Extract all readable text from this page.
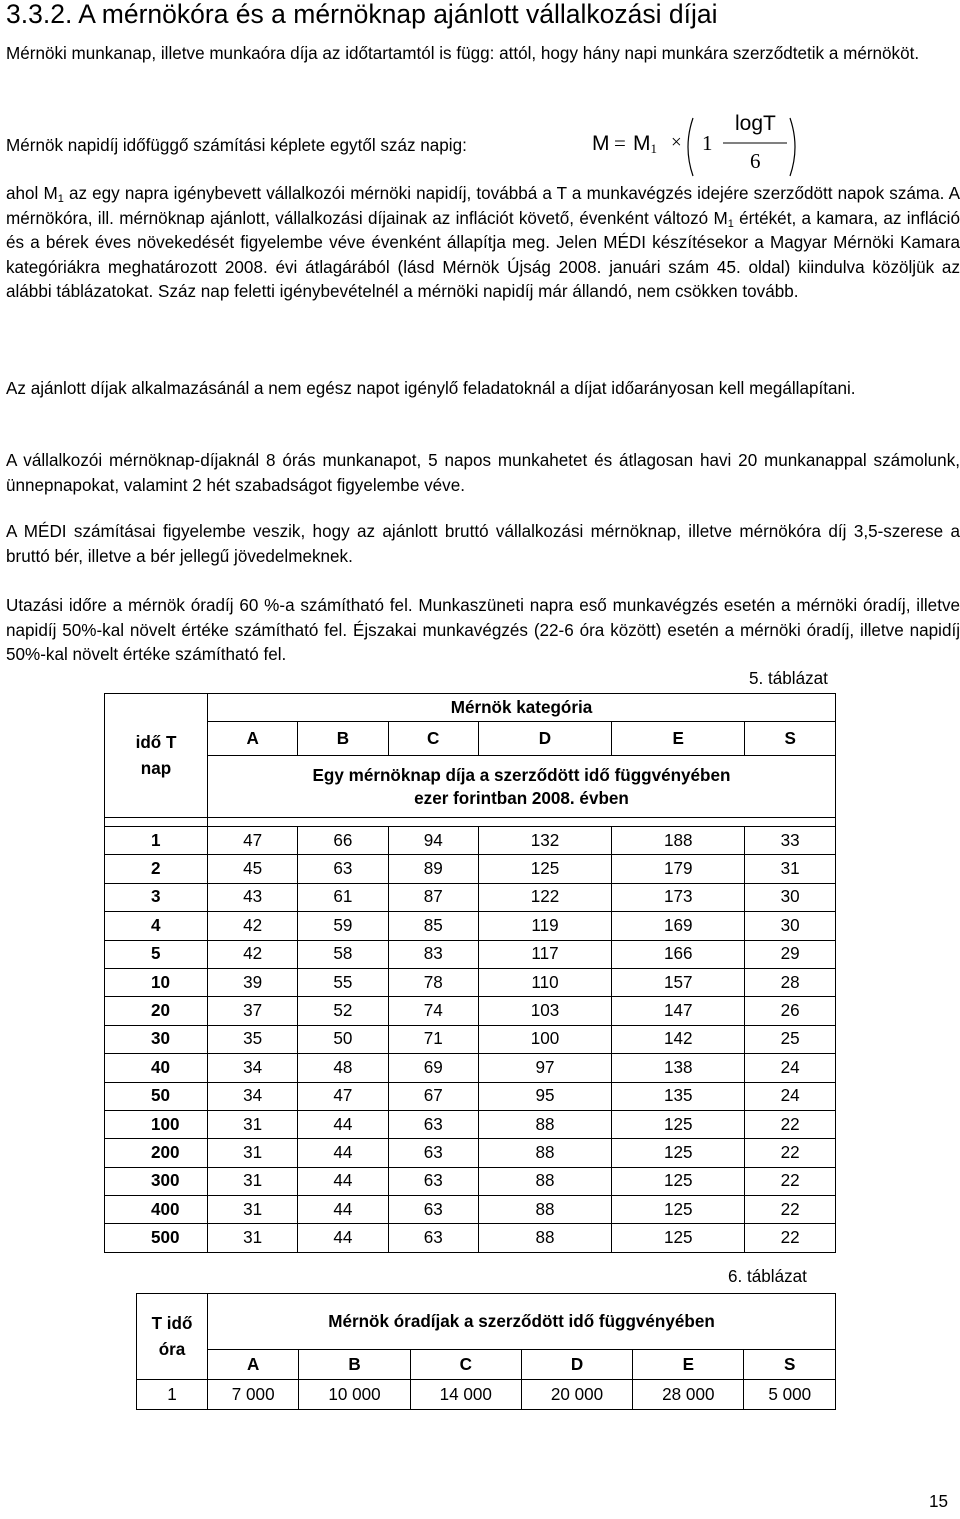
3.3.2. A mérnökóra és a mérnöknap ajánlott vállalkozási díjai

Mérnöki munkanap, illetve munkaóra díja az időtartamtól is függ: attól, hogy hány napi munkára szerződtetik a mérnököt.

Mérnök napidíj időfüggő számítási képlete egytől száz napig:	$M = M_1 \times 1$
logT
6

ahol $M_1$ az egy napra igénybevett vállalkozói mérnöki napidíj, továbbá a T a munkavégzés idejére szerződött napok száma. A mérnökóra, ill. mérnöknap ajánlott, vállalkozási díjainak az inflációt követő, évenként változó $M_1$ értékét, a kamara, az infláció és a bérek éves növekedését figyelembe véve évenként állapítja meg. Jelen MÉDI készítésekor a Magyar Mérnöki Kamara kategóriákra meghatározott 2008. évi átlagárából (lásd Mérnök Újság 2008. januári szám 45. oldal) kiindulva közöljük az alábbi táblázatokat. Száz nap feletti igénybevételnél a mérnöki napidíj már állandó, nem csökken tovább.

Az ajánlott díjak alkalmazásánál a nem egész napot igénylő feladatoknál a díjat időarányosan kell megállapítani.

A vállalkozói mérnöknap-díjaknál 8 órás munkanapot, 5 napos munkahetet és átlagosan havi 20 munkanappal számolunk, ünnepnapokat, valamint 2 hét szabadságot figyelembe véve.

A MÉDI számításai figyelembe veszik, hogy az ajánlott bruttó vállalkozási mérnöknap, illetve mérnökóra díj 3,5-szerese a bruttó bér, illetve a bér jellegű jövedelmeknek.

Utazási időre a mérnök óradíj 60 %-a számítható fel. Munkaszüneti napra eső munkavégzés esetén a mérnöki óradíj, illetve napidíj 50%-kal növelt értéke számítható fel. Éjszakai munkavégzés (22-6 óra között) esetén a mérnöki óradíj, illetve napidíj 50%-kal növelt értéke számítható fel.

5. táblázat
idő T
nap	Mérnök kategória					
	A	B	C	D	E	S

	Egy mérnöknap díja a szerződött idő függvényében
ezer forintban 2008. évben					

1	47	66	94	132	188	33
2	45	63	89	125	179	31
3	43	61	87	122	173	30
4	42	59	85	119	169	30
5	42	58	83	117	166	29
10	39	55	78	110	157	28
20	37	52	74	103	147	26
30	35	50	71	100	142	25
40	34	48	69	97	138	24
50	34	47	67	95	135	24
100	31	44	63	88	125	22
200	31	44	63	88	125	22
300	31	44	63	88	125	22
400	31	44	63	88	125	22
500	31	44	63	88	125	22
6. táblázat
T idő
óra	Mérnök óradíjak a szerződött idő függvényében					
	A	B	C	D	E	S
1	7 000	10 000	14 000	20 000	28 000	5 000
15
